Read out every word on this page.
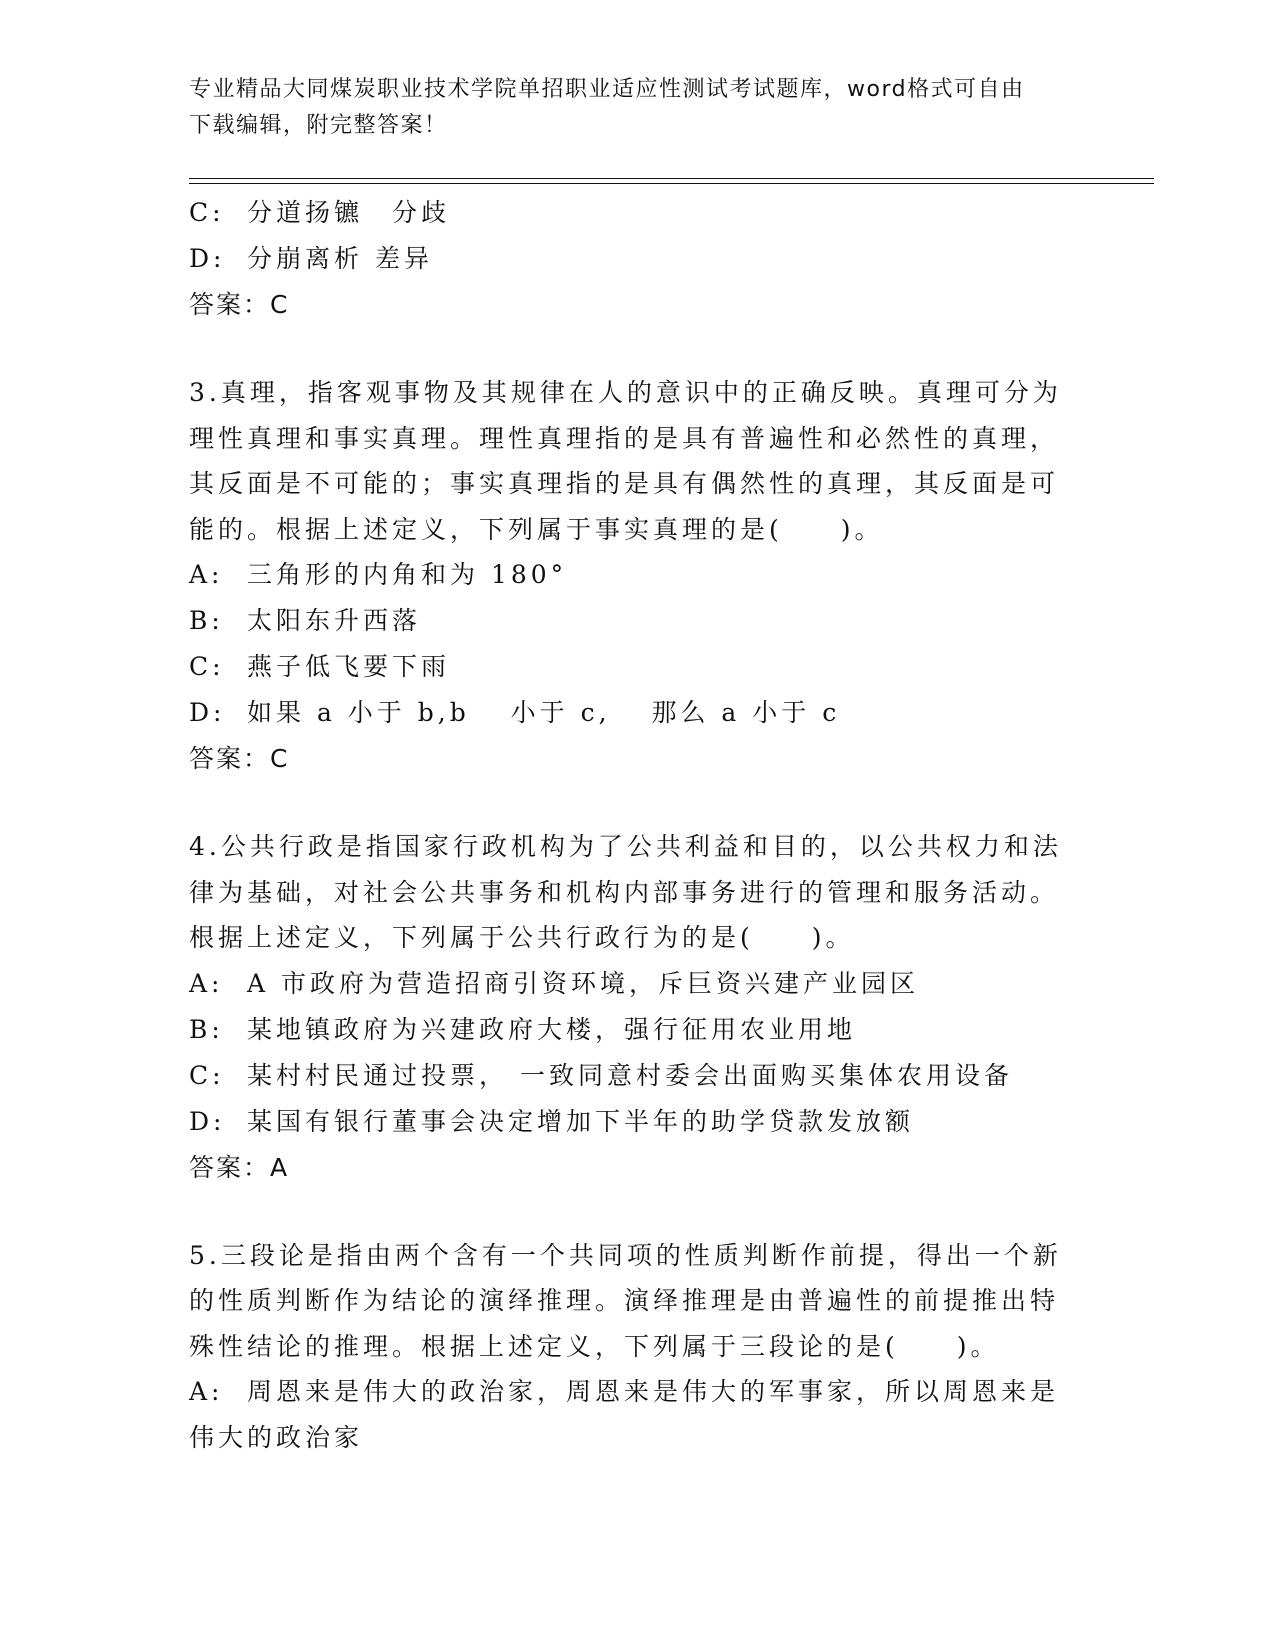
专业精品大同煤炭职业技术学院单招职业适应性测试考试题库，word格式可自由
下载编辑，附完整答案！
C: 分道扬镳　分歧
D: 分崩离析 差异
答案：C
3.真理，指客观事物及其规律在人的意识中的正确反映。真理可分为
理性真理和事实真理。理性真理指的是具有普遍性和必然性的真理，
其反面是不可能的；事实真理指的是具有偶然性的真理，其反面是可
能的。根据上述定义，下列属于事实真理的是(　　)。
A: 三角形的内角和为 180°
B: 太阳东升西落
C: 燕子低飞要下雨
D: 如果 a 小于 b,b　 小于 c,　 那么 a 小于 c
答案：C
4.公共行政是指国家行政机构为了公共利益和目的，以公共权力和法
律为基础，对社会公共事务和机构内部事务进行的管理和服务活动。
根据上述定义，下列属于公共行政行为的是(　　)。
A: A 市政府为营造招商引资环境，斥巨资兴建产业园区
B: 某地镇政府为兴建政府大楼，强行征用农业用地
C: 某村村民通过投票， 一致同意村委会出面购买集体农用设备
D: 某国有银行董事会决定增加下半年的助学贷款发放额
答案：A
5.三段论是指由两个含有一个共同项的性质判断作前提，得出一个新
的性质判断作为结论的演绎推理。演绎推理是由普遍性的前提推出特
殊性结论的推理。根据上述定义，下列属于三段论的是(　　)。
A: 周恩来是伟大的政治家，周恩来是伟大的军事家，所以周恩来是
伟大的政治家
